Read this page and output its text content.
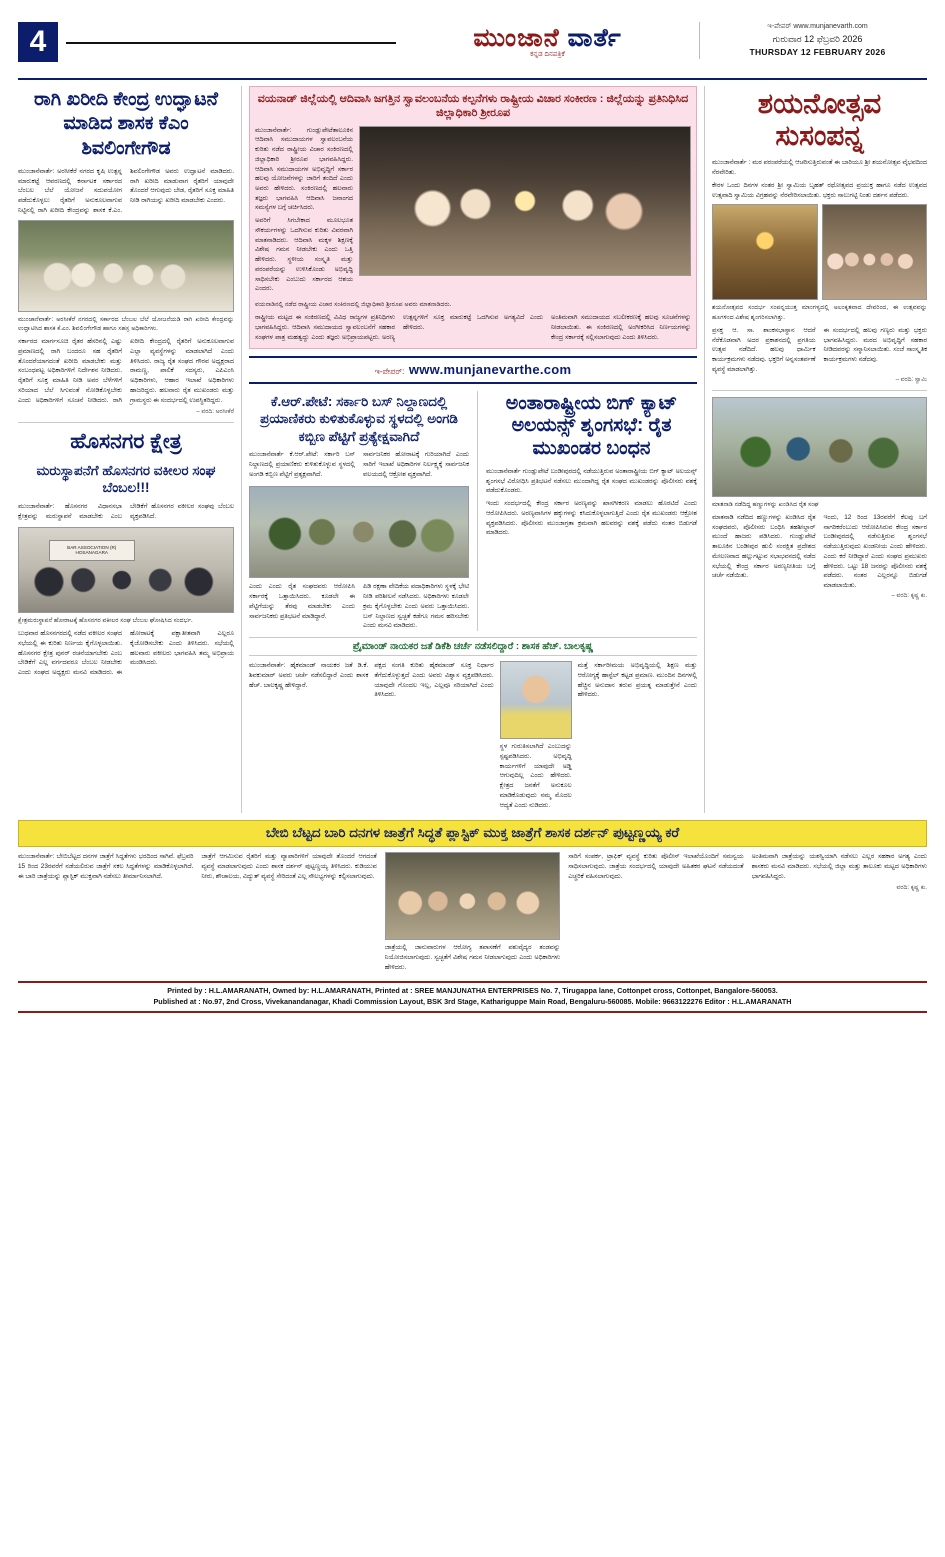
4	ಮುಂಜಾನೆ ವಾರ್ತೆ
ಕನ್ನಡ ದಿನಪತ್ರಿಕೆ
ಇ-ಪೇಪರ್ www.munjanevarth.com
ಗುರುವಾರ 12 ಫೆಬ್ರವರಿ 2026
THURSDAY 12 FEBRUARY 2026
ರಾಗಿ ಖರೀದಿ ಕೇಂದ್ರ ಉದ್ಘಾಟನೆ ಮಾಡಿದ ಶಾಸಕ ಕೆಎಂ ಶಿವಲಿಂಗೇಗೌಡ

ಮುಂಜಾನೆವಾರ್ತೆ: ಅರಸೀಕೆರೆ ನಗರದ ಕೃಷಿ ಉತ್ಪನ್ನ ಮಾರುಕಟ್ಟೆ ಆವರಣದಲ್ಲಿ ಕರ್ನಾಟಕ ಸರ್ಕಾರದ ಬೆಂಬಲ ಬೆಲೆ ಯೋಜನೆ ಸದುಪಯೋಗ ಪಡೆದುಕೊಳ್ಳಲು ರೈತರಿಗೆ ಅನುಕೂಲವಾಗುವ ನಿಟ್ಟಿನಲ್ಲಿ ರಾಗಿ ಖರೀದಿ ಕೇಂದ್ರವನ್ನು ಶಾಸಕ ಕೆ.ಎಂ. ಶಿವಲಿಂಗೇಗೌಡ ಅವರು ಉದ್ಘಾಟನೆ ಮಾಡಿದರು. ರಾಗಿ ಖರೀದಿ ಮಾಡುವಾಗ ರೈತರಿಗೆ ಯಾವುದೇ ತೊಂದರೆ ಆಗುವುದು ಬೇಡ, ರೈತರಿಗೆ ಸೂಕ್ತ ಮಾಹಿತಿ ನೀಡಿ ರಾಗಿಯನ್ನು ಖರೀದಿ ಮಾಡಬೇಕು ಎಂದರು.

ಮುಂಜಾನೆವಾರ್ತೆ: ಅರಸೀಕೆರೆ ನಗರದಲ್ಲಿ ಸರ್ಕಾರದ ಬೆಂಬಲ ಬೆಲೆ ಯೋಜನೆಯಡಿ ರಾಗಿ ಖರೀದಿ ಕೇಂದ್ರವನ್ನು ಉದ್ಘಾಟಿಸಿದ ಶಾಸಕ ಕೆ.ಎಂ. ಶಿವಲಿಂಗೇಗೌಡ ಹಾಗೂ ಸಹಸ್ರ ಅಧಿಕಾರಿಗಳು.

ಸರ್ಕಾರದ ಮಾರ್ಗಸೂಚಿ ರೈತರ ಹೆಸರಿನಲ್ಲಿ ಎಷ್ಟು ಪ್ರಮಾಣದಲ್ಲಿ ರಾಗಿ ಬಂದರೂ ಸಹ ರೈತರಿಗೆ ತೊಂದರೆಯಾಗದಂತೆ ಖರೀದಿ ಮಾಡಬೇಕು ಮತ್ತು ಸಂಬಂಧಪಟ್ಟ ಅಧಿಕಾರಿಗಳಿಗೆ ನಿರ್ದೇಶನ ನೀಡಿದರು. ರೈತರಿಗೆ ಸೂಕ್ತ ಮಾಹಿತಿ ನೀಡಿ ಅವರ ಬೆಳೆಗಳಿಗೆ ಸರಿಯಾದ ಬೆಲೆ ಸಿಗುವಂತೆ ನೋಡಿಕೊಳ್ಳಬೇಕು ಎಂದು ಅಧಿಕಾರಿಗಳಿಗೆ ಸೂಚನೆ ನೀಡಿದರು. ರಾಗಿ ಖರೀದಿ ಕೇಂದ್ರದಲ್ಲಿ ರೈತರಿಗೆ ಅನುಕೂಲವಾಗುವ ಎಲ್ಲಾ ವ್ಯವಸ್ಥೆಗಳನ್ನು ಮಾಡಲಾಗಿದೆ ಎಂದು ತಿಳಿಸಿದರು. ರಾಜ್ಯ ರೈತ ಸಂಘದ ಗೌರವ ಅಧ್ಯಕ್ಷರಾದ ರಾಮಣ್ಣ, ಪಾಲಿಕೆ ಸದಸ್ಯರು, ಎಪಿಎಂಸಿ ಅಧಿಕಾರಿಗಳು, ಆಹಾರ ಇಲಾಖೆ ಅಧಿಕಾರಿಗಳು ಹಾಜರಿದ್ದರು. ಹಲವಾರು ರೈತ ಮುಖಂಡರು ಮತ್ತು ಗ್ರಾಮಸ್ಥರು ಈ ಸಂದರ್ಭದಲ್ಲಿ ಉಪಸ್ಥಿತರಿದ್ದರು.

– ವರದಿ: ಅರಸೀಕೆರೆ
ಹೊಸನಗರ ಕ್ಷೇತ್ರ
ಮರುಸ್ಥಾಪನೆಗೆ ಹೊಸನಗರ ವಕೀಲರ ಸಂಘ ಬೆಂಬಲ!!!

ಮುಂಜಾನೆವಾರ್ತೆ: ಹೊಸನಗರ ವಿಧಾನಸಭಾ ಕ್ಷೇತ್ರವನ್ನು ಮರುಸ್ಥಾಪನೆ ಮಾಡಬೇಕು ಎಂಬ ಬೇಡಿಕೆಗೆ ಹೊಸನಗರ ವಕೀಲರ ಸಂಘವು ಬೆಂಬಲ ವ್ಯಕ್ತಪಡಿಸಿದೆ.

BAR ASSOCIATION (R) HOSANAGARA
ಕ್ಷೇತ್ರಮರುಸ್ಥಾಪನೆ ಹೋರಾಟಕ್ಕೆ ಹೊಸನಗರ ವಕೀಲರ ಸಂಘ ಬೆಂಬಲ ಘೋಷಿಸಿದ ಸಂದರ್ಭ.

ಬುಧವಾರ ಹೊಸನಗರದಲ್ಲಿ ನಡೆದ ವಕೀಲರ ಸಂಘದ ಸಭೆಯಲ್ಲಿ ಈ ಕುರಿತು ನಿರ್ಣಯ ಕೈಗೊಳ್ಳಲಾಯಿತು. ಹೊಸನಗರ ಕ್ಷೇತ್ರ ಪುನರ್ ರಚನೆಯಾಗಬೇಕು ಎಂಬ ಬೇಡಿಕೆಗೆ ಎಲ್ಲ ವರ್ಗದವರೂ ಬೆಂಬಲ ನೀಡಬೇಕು ಎಂದು ಸಂಘದ ಅಧ್ಯಕ್ಷರು ಮನವಿ ಮಾಡಿದರು. ಈ ಹೋರಾಟಕ್ಕೆ ಪಕ್ಷಾತೀತವಾಗಿ ಎಲ್ಲರೂ ಕೈಜೋಡಿಸಬೇಕು ಎಂದು ತಿಳಿಸಿದರು. ಸಭೆಯಲ್ಲಿ ಹಲವಾರು ವಕೀಲರು ಭಾಗವಹಿಸಿ ತಮ್ಮ ಅಭಿಪ್ರಾಯ ಮಂಡಿಸಿದರು.

ವಯನಾಡ್ ಜಿಲ್ಲೆಯಲ್ಲಿ ಆದಿವಾಸಿ ಜಗತ್ತಿನ ಸ್ವಾವಲಂಬನೆಯ ಕಲ್ಪನೆಗಳು ರಾಷ್ಟ್ರೀಯ ವಿಚಾರ ಸಂಕೀರಣ : ಜಿಲ್ಲೆಯನ್ನು ಪ್ರತಿನಿಧಿಸಿದ ಜಿಲ್ಲಾಧಿಕಾರಿ ಶ್ರೀರೂಪ

ಮುಂಜಾನೆವಾರ್ತೆ: ಗುಂಡ್ಲುಪೇಟೆತಾಲೂಕಿನ ಆದಿವಾಸಿ ಸಮುದಾಯಗಳ ಸ್ವಾವಲಂಬನೆಯ ಕುರಿತು ನಡೆದ ರಾಷ್ಟ್ರೀಯ ವಿಚಾರ ಸಂಕಿರಣದಲ್ಲಿ ಜಿಲ್ಲಾಧಿಕಾರಿ ಶ್ರೀರೂಪ ಭಾಗವಹಿಸಿದ್ದರು. ಆದಿವಾಸಿ ಸಮುದಾಯಗಳ ಅಭಿವೃದ್ಧಿಗೆ ಸರ್ಕಾರ ಹಲವು ಯೋಜನೆಗಳನ್ನು ಜಾರಿಗೆ ತಂದಿದೆ ಎಂದು ಅವರು ಹೇಳಿದರು. ಸಂಕಿರಣದಲ್ಲಿ ಹಲವಾರು ತಜ್ಞರು ಭಾಗವಹಿಸಿ ಆದಿವಾಸಿ ಜನಾಂಗದ ಸಮಸ್ಯೆಗಳ ಬಗ್ಗೆ ಚರ್ಚಿಸಿದರು.

ಅವರಿಗೆ ಸಿಗಬೇಕಾದ ಮೂಲಭೂತ ಸೌಕರ್ಯಗಳನ್ನು ಒದಗಿಸುವ ಕುರಿತು ವಿವರವಾಗಿ ಮಾತನಾಡಿದರು. ಆದಿವಾಸಿ ಮಕ್ಕಳ ಶಿಕ್ಷಣಕ್ಕೆ ವಿಶೇಷ ಗಮನ ನೀಡಬೇಕು ಎಂದು ಒತ್ತಿ ಹೇಳಿದರು. ಸ್ಥಳೀಯ ಸಂಸ್ಕೃತಿ ಮತ್ತು ಪರಂಪರೆಯನ್ನು ಉಳಿಸಿಕೊಂಡು ಅಭಿವೃದ್ಧಿ ಸಾಧಿಸಬೇಕು ಎಂಬುದು ಸರ್ಕಾರದ ಆಶಯ ಎಂದರು.

ವಯನಾಡಿನಲ್ಲಿ ನಡೆದ ರಾಷ್ಟ್ರೀಯ ವಿಚಾರ ಸಂಕಿರಣದಲ್ಲಿ ಜಿಲ್ಲಾಧಿಕಾರಿ ಶ್ರೀರೂಪ ಅವರು ಮಾತನಾಡಿದರು.

ರಾಷ್ಟ್ರೀಯ ಮಟ್ಟದ ಈ ಸಂಕಿರಣದಲ್ಲಿ ವಿವಿಧ ರಾಜ್ಯಗಳ ಪ್ರತಿನಿಧಿಗಳು ಭಾಗವಹಿಸಿದ್ದರು. ಆದಿವಾಸಿ ಸಮುದಾಯದ ಸ್ವಾವಲಂಬನೆಗೆ ಸಹಕಾರ ಸಂಘಗಳ ಪಾತ್ರ ಮಹತ್ವದ್ದು ಎಂದು ತಜ್ಞರು ಅಭಿಪ್ರಾಯಪಟ್ಟರು. ಅರಣ್ಯ ಉತ್ಪನ್ನಗಳಿಗೆ ಸೂಕ್ತ ಮಾರುಕಟ್ಟೆ ಒದಗಿಸುವ ಅಗತ್ಯವಿದೆ ಎಂದು ಹೇಳಿದರು.

ಅಂತಿಮವಾಗಿ ಸಮುದಾಯದ ಸಬಲೀಕರಣಕ್ಕೆ ಹಲವು ಸೂಚನೆಗಳನ್ನು ನೀಡಲಾಯಿತು. ಈ ಸಂಕಿರಣದಲ್ಲಿ ಅಂಗೀಕರಿಸಿದ ನಿರ್ಣಯಗಳನ್ನು ಕೇಂದ್ರ ಸರ್ಕಾರಕ್ಕೆ ಸಲ್ಲಿಸಲಾಗುವುದು ಎಂದು ತಿಳಿಸಿದರು.

ಇ-ಪೇಪರ್: www.munjanevarthe.com
ಕೆ.ಆರ್.ಪೇಟೆ: ಸರ್ಕಾರಿ ಬಸ್ ನಿಲ್ದಾಣದಲ್ಲಿ ಪ್ರಯಾಣಿಕರು ಕುಳಿತುಕೊಳ್ಳುವ ಸ್ಥಳದಲ್ಲಿ ಅಂಗಡಿ ಕಬ್ಬಿಣ ಪೆಟ್ಟಿಗೆ ಪ್ರತ್ಯೇಕ್ಷವಾಗಿದೆ

ಮುಂಜಾನೆವಾರ್ತೆ ಕೆ.ಆರ್.ಪೇಟೆ: ಸರ್ಕಾರಿ ಬಸ್ ನಿಲ್ದಾಣದಲ್ಲಿ ಪ್ರಯಾಣಿಕರು ಕುಳಿತುಕೊಳ್ಳುವ ಸ್ಥಳದಲ್ಲಿ ಅಂಗಡಿ ಕಬ್ಬಿಣ ಪೆಟ್ಟಿಗೆ ಪ್ರತ್ಯಕ್ಷವಾಗಿದೆ.

ಸಾರ್ವಜನಿಕರ ಹೋರಾಟಕ್ಕೆ ಗುರಿಯಾಗಿದೆ ಎಂದು ಸಾರಿಗೆ ಇಲಾಖೆ ಅಧಿಕಾರಿಗಳ ನಿರ್ಲಕ್ಷ್ಯಕ್ಕೆ ಸಾರ್ವಜನಿಕ ವಲಯದಲ್ಲಿ ಆಕ್ರೋಶ ವ್ಯಕ್ತವಾಗಿದೆ.

ಎಂದು ಎಂದು ರೈತ ಸಂಘದವರು ಆರೋಪಿಸಿ ಸರ್ಕಾರಕ್ಕೆ ಒತ್ತಾಯಿಸಿದರು. ಕೂಡಲೇ ಈ ಪೆಟ್ಟಿಗೆಯನ್ನು ತೆರವು ಮಾಡಬೇಕು ಎಂದು ಸಾರ್ವಜನಿಕರು ಪ್ರತಿಭಟನೆ ಮಾಡಿದ್ದಾರೆ.

ಪಿಡಿ ರಕ್ಷಣಾ ವೇದಿಕೆಯ ಪದಾಧಿಕಾರಿಗಳು ಸ್ಥಳಕ್ಕೆ ಭೇಟಿ ನೀಡಿ ಪರಿಶೀಲನೆ ನಡೆಸಿದರು. ಅಧಿಕಾರಿಗಳು ಕೂಡಲೇ ಕ್ರಮ ಕೈಗೊಳ್ಳಬೇಕು ಎಂದು ಅವರು ಒತ್ತಾಯಿಸಿದರು. ಬಸ್ ನಿಲ್ದಾಣದ ಸ್ವಚ್ಛತೆ ಕಡೆಗೂ ಗಮನ ಹರಿಸಬೇಕು ಎಂದು ಮನವಿ ಮಾಡಿದರು.

ಅಂತಾರಾಷ್ಟ್ರೀಯ ಬಿಗ್ ಕ್ಯಾಟ್ ಅಲಯನ್ಸ್ ಶೃಂಗಸಭೆ: ರೈತ ಮುಖಂಡರ ಬಂಧನ

ಮುಂಜಾನೆವಾರ್ತೆ ಗುಂಡ್ಲುಪೇಟೆ ಬಂಡೀಪುರದಲ್ಲಿ ನಡೆಯುತ್ತಿರುವ ಅಂತಾರಾಷ್ಟ್ರೀಯ ಬಿಗ್ ಕ್ಯಾಟ್ ಅಲಯನ್ಸ್ ಶೃಂಗಸಭೆ ವಿರೋಧಿಸಿ ಪ್ರತಿಭಟನೆ ನಡೆಸಲು ಮುಂದಾಗಿದ್ದ ರೈತ ಸಂಘದ ಮುಖಂಡರನ್ನು ಪೊಲೀಸರು ವಶಕ್ಕೆ ಪಡೆದುಕೊಂಡರು.

ಇಂದು ಸಂದರ್ಭದಲ್ಲಿ ಕೇಂದ್ರ ಸರ್ಕಾರ ಅರಣ್ಯವನ್ನು ಖಾಸಗೀಕರಣ ಮಾಡಲು ಹೊರಟಿದೆ ಎಂದು ಆರೋಪಿಸಿದರು. ಅರಣ್ಯವಾಸಿಗಳ ಹಕ್ಕುಗಳನ್ನು ಕಸಿದುಕೊಳ್ಳಲಾಗುತ್ತಿದೆ ಎಂದು ರೈತ ಮುಖಂಡರು ಆಕ್ರೋಶ ವ್ಯಕ್ತಪಡಿಸಿದರು. ಪೊಲೀಸರು ಮುಂಜಾಗ್ರತಾ ಕ್ರಮವಾಗಿ ಹಲವರನ್ನು ವಶಕ್ಕೆ ಪಡೆದು ನಂತರ ಬಿಡುಗಡೆ ಮಾಡಿದರು.

ಪ್ರೈಮಾಂಡ್ ನಾಯಕರ ಜತೆ ಡಿಕೆಶಿ ಚರ್ಚೆ ನಡೆಸಲಿದ್ದಾರೆ : ಶಾಸಕ ಹೆಚ್. ಬಾಲಕೃಷ್ಣ

ಮುಂಜಾನೆವಾರ್ತೆ: ಹೈಕಮಾಂಡ್ ನಾಯಕರ ಜತೆ ಡಿ.ಕೆ. ಶಿವಕುಮಾರ್ ಅವರು ಚರ್ಚೆ ನಡೆಸಲಿದ್ದಾರೆ ಎಂದು ಶಾಸಕ ಹೆಚ್. ಬಾಲಕೃಷ್ಣ ಹೇಳಿದ್ದಾರೆ.

ಪಕ್ಷದ ಸಂಗತಿ ಕುರಿತು ಹೈಕಮಾಂಡ್ ಸೂಕ್ತ ನಿರ್ಧಾರ ತೆಗೆದುಕೊಳ್ಳುತ್ತದೆ ಎಂದು ಅವರು ವಿಶ್ವಾಸ ವ್ಯಕ್ತಪಡಿಸಿದರು. ಯಾವುದೇ ಗೊಂದಲ ಇಲ್ಲ, ಎಲ್ಲವೂ ಸರಿಯಾಗಿದೆ ಎಂದು ತಿಳಿಸಿದರು.

ಸ್ಥಳ ಗುರುತಿಸಲಾಗಿದೆ ಎಂಬುದನ್ನು ಸ್ಪಷ್ಟಪಡಿಸಿದರು. ಅಭಿವೃದ್ಧಿ ಕಾರ್ಯಗಳಿಗೆ ಯಾವುದೇ ಅಡ್ಡಿ ಆಗುವುದಿಲ್ಲ ಎಂದು ಹೇಳಿದರು. ಕ್ಷೇತ್ರದ ಜನತೆಗೆ ಅನುಕೂಲ ಮಾಡಿಕೊಡುವುದು ನಮ್ಮ ಮೊದಲ ಆದ್ಯತೆ ಎಂದು ನುಡಿದರು.

ಮತ್ತೆ ಸರ್ಕಾರೀಮಯ ಅಭಿವೃದ್ಧಿಯಲ್ಲಿ ಶಿಕ್ಷಣ ಮತ್ತು ಆರೋಗ್ಯಕ್ಕೆ ಹಾಸ್ಟೆಲ್ ಕಟ್ಟಡ ಪ್ರಮಾಣ. ಮುಂದಿನ ದಿನಗಳಲ್ಲಿ ಹೆಚ್ಚಿನ ಅನುದಾನ ತರುವ ಪ್ರಯತ್ನ ಮಾಡುತ್ತೇನೆ ಎಂದು ಹೇಳಿದರು.

ಶಯನೋತ್ಸವ ಸುಸಂಪನ್ನ

ಮುಂಜಾನೆವಾರ್ತೆ : ಮಠ ಪರಂಪರೆಯಲ್ಲಿ ಆಚರಿಸುತ್ತಿರುವಂತೆ ಈ ಬಾರಿಯೂ ಶ್ರೀ ಶಯನೋತ್ಸವ ವೈಭವದಿಂದ ನೆರವೇರಿತು.

ಕೇರಳ ಒಂದು ದಿನಗಳ ನಂತರ ಶ್ರೀ ಸ್ವಾಮಿಯ ಬೃಹತ್ ರಥೋತ್ಸವದ ಪ್ರಯುಕ್ತ ಹಾಗೂ ನಡೆದ ಉತ್ಸವದ ಉತ್ಸವಾದಿ ಸ್ವಾಮಿಯ ವಿಗ್ರಹವನ್ನು ನೆರವೇರಿಸಲಾಯಿತು. ಭಕ್ತರು ಸಾಲುಗಟ್ಟಿ ನಿಂತು ದರ್ಶನ ಪಡೆದರು.

ಶಯನೋತ್ಸವದ ಸಂದರ್ಭ ಸಂಪನ್ನಯುತ್ತ ಮಾಂಗಳ್ಯದಲ್ಲಿ ಅಲಂಕೃತವಾದ ದೇವರಿಂದ, ಈ ಉತ್ಸವವನ್ನು ಹೂಗಳಿಂದ ವಿಶೇಷ ಶೃಂಗರಿಸಲಾಗಿತ್ತು.

ಪ್ರಸಕ್ತ ಆ. ಸಾ. ಶಾಂಕಸಭಾಸ್ಥಾನ ಆದರೆ ನೆರೆಕೊಡವಾಗಿ ಅದರ ಪ್ರಕಾಶನದಲ್ಲಿ ಪ್ರಗತಿಯ ಉತ್ಸವ ನಡೆದಿದೆ. ಹಲವು ಧಾರ್ಮಿಕ ಕಾರ್ಯಕ್ರಮಗಳು ನಡೆದವು. ಭಕ್ತರಿಗೆ ಅನ್ನಸಂತರ್ಪಣೆ ವ್ಯವಸ್ಥೆ ಮಾಡಲಾಗಿತ್ತು.

ಈ ಸಂದರ್ಭದಲ್ಲಿ ಹಲವು ಗಣ್ಯರು ಮತ್ತು ಭಕ್ತರು ಭಾಗವಹಿಸಿದ್ದರು. ಮಠದ ಅಭಿವೃದ್ಧಿಗೆ ಸಹಕಾರ ನೀಡಿದವರನ್ನು ಸನ್ಮಾನಿಸಲಾಯಿತು. ಸಂಜೆ ಸಾಂಸ್ಕೃತಿಕ ಕಾರ್ಯಕ್ರಮಗಳು ನಡೆದವು.

– ವರದಿ: ಸ್ವಾಮಿ
ಮಾತನಾಡಿ ನಡೆದಿದ್ದ ಹಣ್ಣುಗಳನ್ನು ಖಂಡಿಸಿದ ರೈತ ಸಂಘ

ಮಾತನಾಡಿ ನಡೆದಿದ ಹಣ್ಣುಗಳನ್ನು ಖಂಡಿಸಿದ ರೈತ ಸಂಘದವರು, ಪೊಲೀಸರು ಬಂಧಿಸಿ ತಹಶೀಲ್ದಾರ್ ಮುಂದೆ ಹಾಜರು ಪಡಿಸಿದರು. ಗುಂಡ್ಲುಪೇಟೆ ತಾಲೂಕಿನ ಬಂಡೀಪುರ ಹುಲಿ ಸಂರಕ್ಷಿತ ಪ್ರದೇಶದ ಮೇಲಣವಾದ ಹಲ್ಲುಗಟ್ಟುವ ಸಭಾಭವನದಲ್ಲಿ ನಡೆದ ಸಭೆಯಲ್ಲಿ ಕೇಂದ್ರ ಸರ್ಕಾರ ಅರಣ್ಯನೀತಿಯ ಬಗ್ಗೆ ಚರ್ಚೆ ನಡೆಯಿತು.

ಇಂದು, 12 ರಿಂದ 13ರವರೆಗೆ ಕೆಲವು ಬಗೆ ನಾಗರಿಕರೆಂಬುದು ಆರೋಪಿಸಿರುವ ಕೇಂದ್ರ ಸರ್ಕಾರ ಬಂಡೀಪುರದಲ್ಲಿ ನಡೆಸುತ್ತಿರುವ ಶೃಂಗಸಭೆ ನಡೆಯುತ್ತಿರುವುದು ಖಂಡನೀಯ ಎಂದು ಹೇಳಿದರು. ಎಂದು ಕರೆ ನೀಡಿದ್ದಾರೆ ಎಂದು ಸಂಘದ ಪ್ರಮುಖರು ಹೇಳಿದರು. ಒಟ್ಟು 18 ಜನರನ್ನು ಪೊಲೀಸರು ವಶಕ್ಕೆ ಪಡೆದರು. ನಂತರ ಎಲ್ಲರನ್ನೂ ಬಿಡುಗಡೆ ಮಾಡಲಾಯಿತು.

– ವರದಿ: ಕೃಷ್ಣ ಕು.
ಬೇಬಿ ಬೆಟ್ಟದ ಬಾರಿ ದನಗಳ ಜಾತ್ರೆಗೆ ಸಿದ್ಧತೆ ಪ್ಲಾಸ್ಟಿಕ್ ಮುಕ್ತ ಜಾತ್ರೆಗೆ ಶಾಸಕ ದರ್ಶನ್ ಪುಟ್ಟಣ್ಣಯ್ಯ ಕರೆ

ಮುಂಜಾನೆವಾರ್ತೆ: ಬೇಬಿಬೆಟ್ಟದ ದನಗಳ ಜಾತ್ರೆಗೆ ಸಿದ್ಧತೆಗಳು ಭರದಿಂದ ಸಾಗಿವೆ. ಫೆಬ್ರವರಿ 15 ರಿಂದ 23ರವರೆಗೆ ನಡೆಯಲಿರುವ ಜಾತ್ರೆಗೆ ಸಕಲ ಸಿದ್ಧತೆಗಳನ್ನು ಮಾಡಿಕೊಳ್ಳಲಾಗಿದೆ. ಈ ಬಾರಿ ಜಾತ್ರೆಯನ್ನು ಪ್ಲಾಸ್ಟಿಕ್ ಮುಕ್ತವಾಗಿ ನಡೆಸಲು ತೀರ್ಮಾನಿಸಲಾಗಿದೆ.

ಜಾತ್ರೆಗೆ ಆಗಮಿಸುವ ರೈತರಿಗೆ ಮತ್ತು ವ್ಯಾಪಾರಿಗಳಿಗೆ ಯಾವುದೇ ತೊಂದರೆ ಆಗದಂತೆ ವ್ಯವಸ್ಥೆ ಮಾಡಲಾಗುವುದು ಎಂದು ಶಾಸಕ ದರ್ಶನ್ ಪುಟ್ಟಣ್ಣಯ್ಯ ತಿಳಿಸಿದರು. ಕುಡಿಯುವ ನೀರು, ಶೌಚಾಲಯ, ವಿದ್ಯುತ್ ವ್ಯವಸ್ಥೆ ಸೇರಿದಂತೆ ಎಲ್ಲ ಸೌಲಭ್ಯಗಳನ್ನು ಕಲ್ಪಿಸಲಾಗುವುದು.

ಜಾತ್ರೆಯಲ್ಲಿ ಜಾನುವಾರುಗಳ ಆರೋಗ್ಯ ತಪಾಸಣೆಗೆ ಪಶುವೈದ್ಯರ ತಂಡವನ್ನು ನಿಯೋಜಿಸಲಾಗುವುದು. ಸ್ವಚ್ಛತೆಗೆ ವಿಶೇಷ ಗಮನ ನೀಡಲಾಗುವುದು ಎಂದು ಅಧಿಕಾರಿಗಳು ಹೇಳಿದರು.

ಸಾರಿಗೆ ಸಂಪರ್ಕ, ಟ್ರಾಫಿಕ್ ವ್ಯವಸ್ಥೆ ಕುರಿತು ಪೊಲೀಸ್ ಇಲಾಖೆಯೊಂದಿಗೆ ಸಮನ್ವಯ ಸಾಧಿಸಲಾಗುವುದು. ಜಾತ್ರೆಯ ಸಂದರ್ಭದಲ್ಲಿ ಯಾವುದೇ ಅಹಿತಕರ ಘಟನೆ ನಡೆಯದಂತೆ ಎಚ್ಚರಿಕೆ ವಹಿಸಲಾಗುವುದು.

ಅಂತಿಮವಾಗಿ ಜಾತ್ರೆಯನ್ನು ಯಶಸ್ವಿಯಾಗಿ ನಡೆಸಲು ಎಲ್ಲರ ಸಹಕಾರ ಅಗತ್ಯ ಎಂದು ಶಾಸಕರು ಮನವಿ ಮಾಡಿದರು. ಸಭೆಯಲ್ಲಿ ಜಿಲ್ಲಾ ಮತ್ತು ತಾಲೂಕು ಮಟ್ಟದ ಅಧಿಕಾರಿಗಳು ಭಾಗವಹಿಸಿದ್ದರು.

ವರದಿ: ಕೃಷ್ಣ ಕು.
Printed by : H.L.AMARANATH, Owned by: H.L.AMARANATH, Printed at : SREE MANJUNATHA ENTERPRISES No. 7, Tirugappa lane, Cottonpet cross, Cottonpet, Bangalore-560053.
Published at : No.97, 2nd Cross, Vivekanandanagar, Khadi Commission Layout, BSK 3rd Stage, Kathariguppe Main Road, Bengaluru-560085. Mobile: 9663122276 Editor : H.L.AMARANATH
